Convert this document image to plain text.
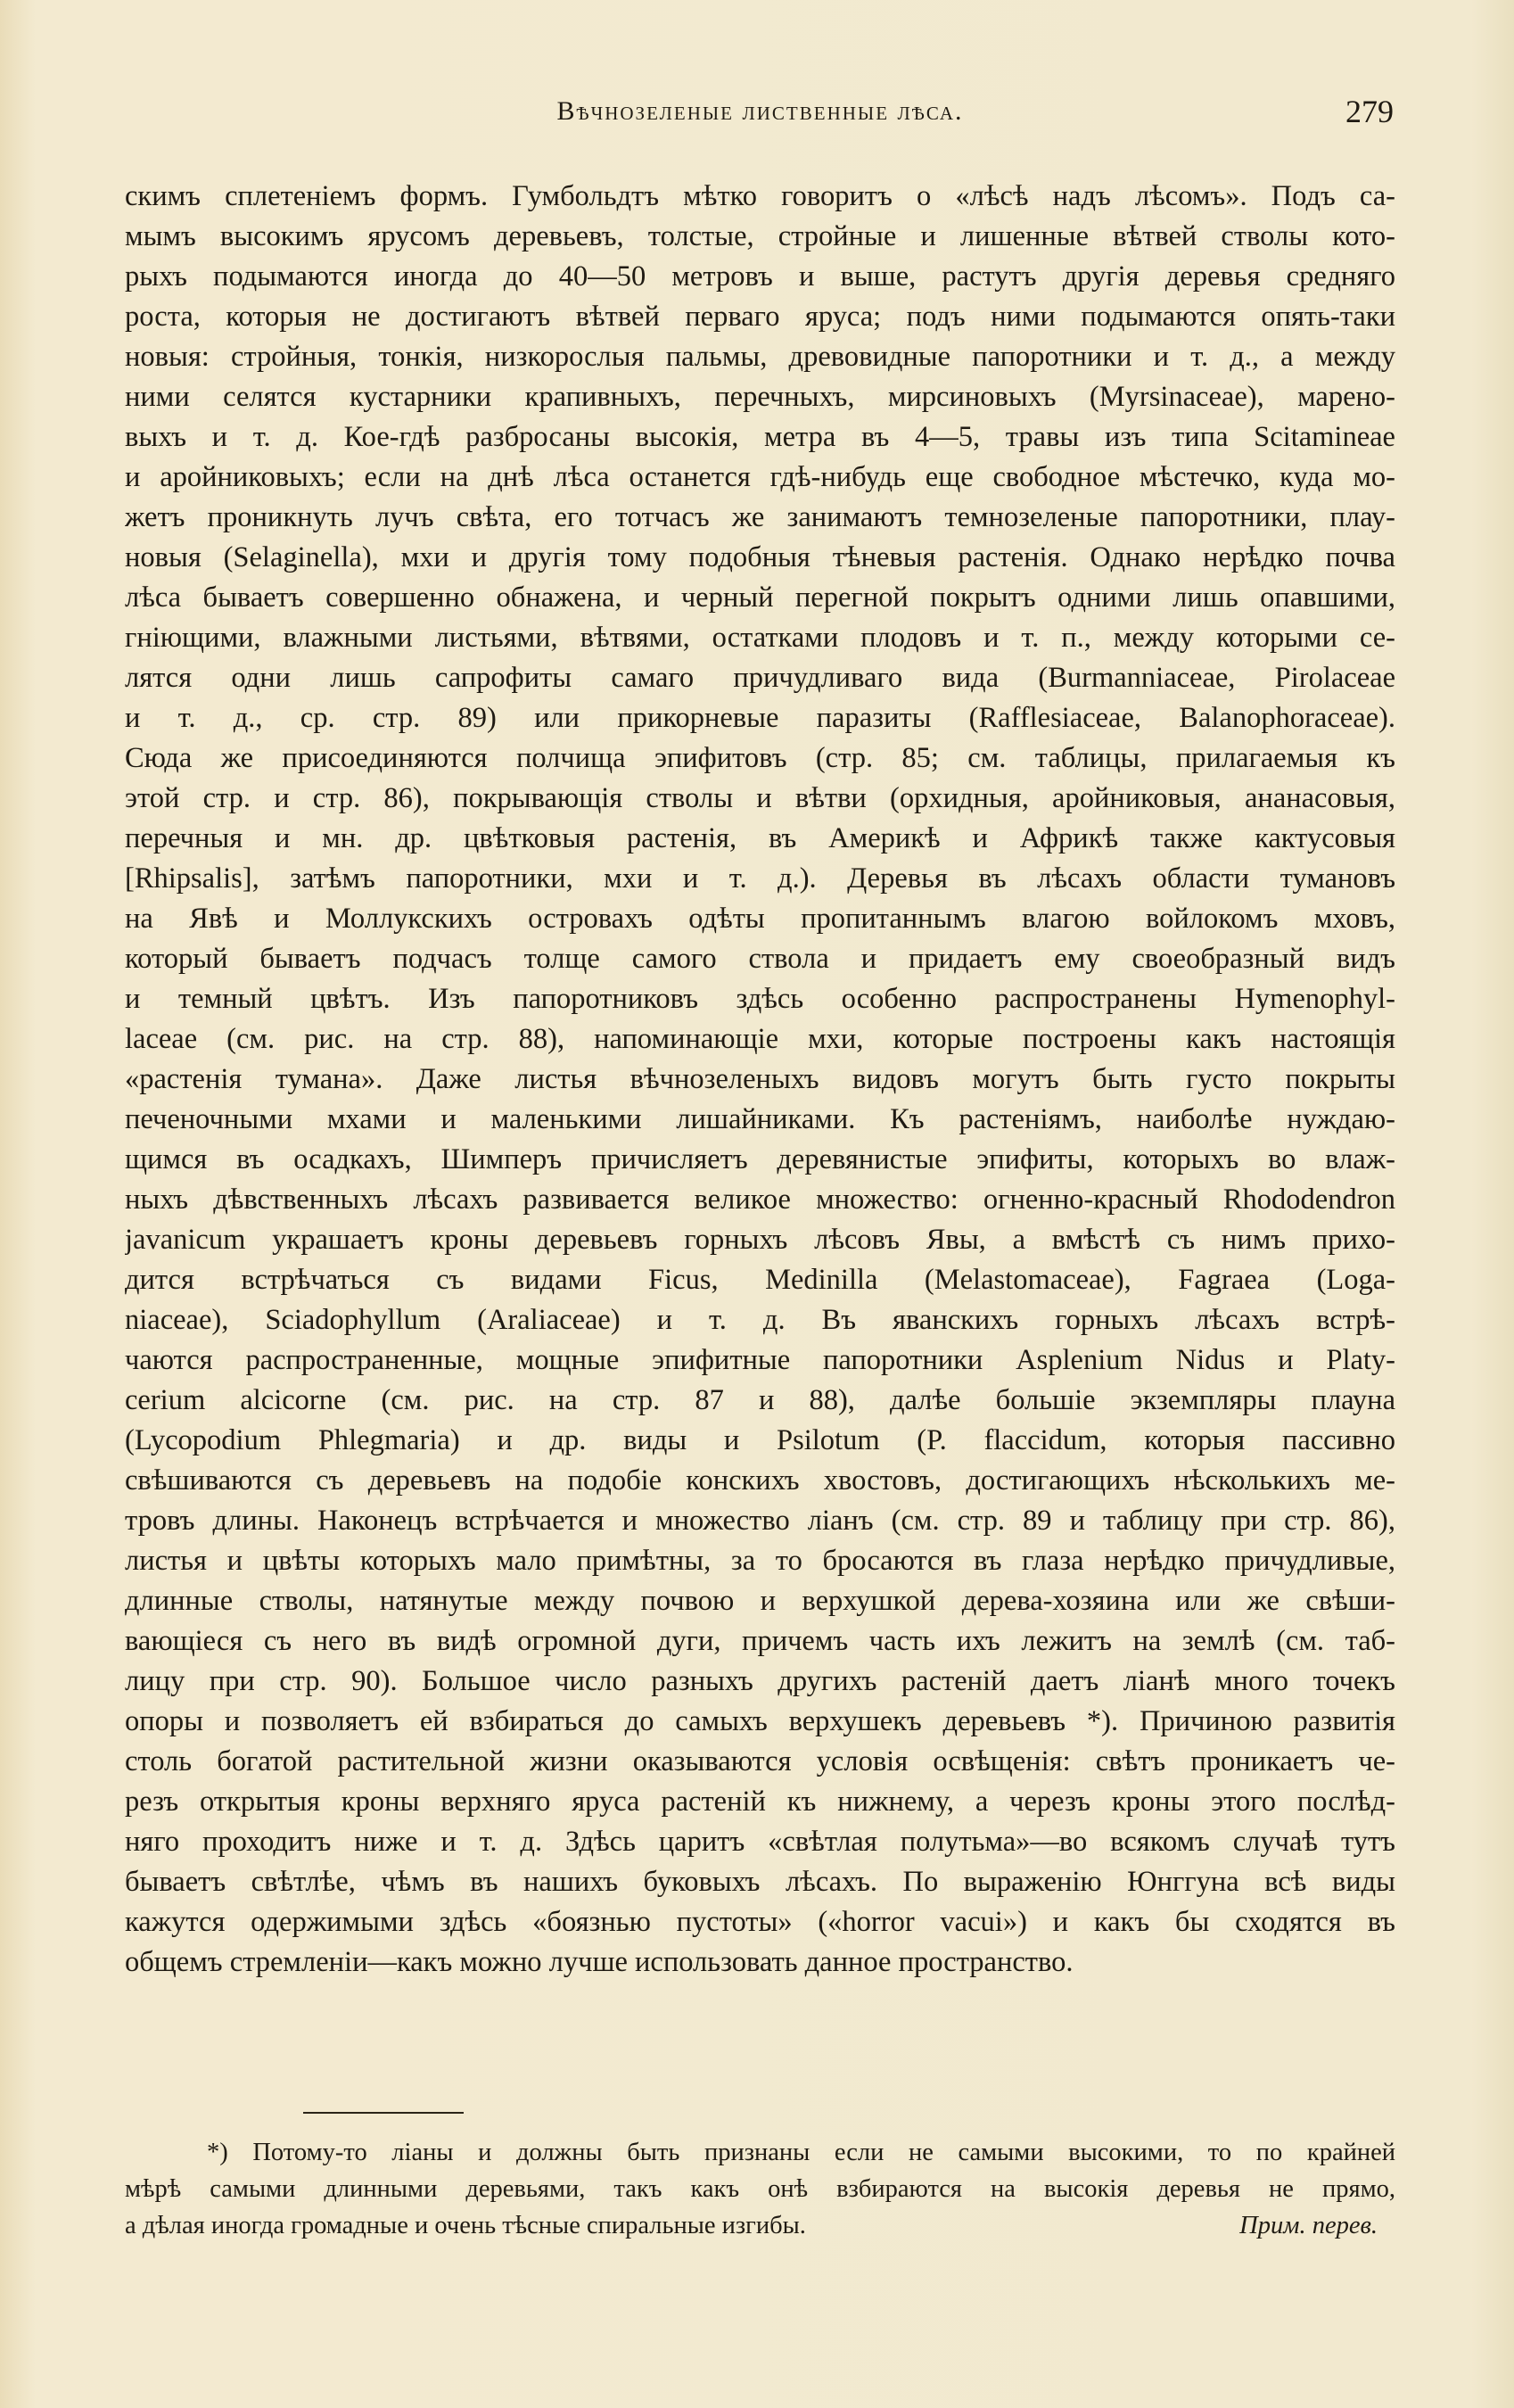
Вѣчнозеленые лиственные лѣса.	279
скимъ сплетеніемъ формъ. Гумбольдтъ мѣтко говоритъ о «лѣсѣ надъ лѣсомъ». Подъ са-
мымъ высокимъ ярусомъ деревьевъ, толстые, стройные и лишенные вѣтвей стволы кото-
рыхъ подымаются иногда до 40—50 метровъ и выше, растутъ другія деревья средняго
роста, которыя не достигаютъ вѣтвей перваго яруса; подъ ними подымаются опять-таки
новыя: стройныя, тонкія, низкорослыя пальмы, древовидные папоротники и т. д., а между
ними селятся кустарники крапивныхъ, перечныхъ, мирсиновыхъ (Myrsinaceae), марено-
выхъ и т. д. Кое-гдѣ разбросаны высокія, метра въ 4—5, травы изъ типа Scitamineae
и аройниковыхъ; если на днѣ лѣса останется гдѣ-нибудь еще свободное мѣстечко, куда мо-
жетъ проникнуть лучъ свѣта, его тотчасъ же занимаютъ темнозеленые папоротники, плау-
новыя (Selaginella), мхи и другія тому подобныя тѣневыя растенія. Однако нерѣдко почва
лѣса бываетъ совершенно обнажена, и черный перегной покрытъ одними лишь опавшими,
гніющими, влажными листьями, вѣтвями, остатками плодовъ и т. п., между которыми се-
лятся одни лишь сапрофиты самаго причудливаго вида (Burmanniaceae, Pirolaceae
и т. д., ср. стр. 89) или прикорневые паразиты (Rafflesiaceae, Balanophoraceae).
Сюда же присоединяются полчища эпифитовъ (стр. 85; см. таблицы, прилагаемыя къ
этой стр. и стр. 86), покрывающія стволы и вѣтви (орхидныя, аройниковыя, ананасовыя,
перечныя и мн. др. цвѣтковыя растенія, въ Америкѣ и Африкѣ также кактусовыя
[Rhipsalis], затѣмъ папоротники, мхи и т. д.). Деревья въ лѣсахъ области тумановъ
на Явѣ и Моллукскихъ островахъ одѣты пропитаннымъ влагою войлокомъ мховъ,
который бываетъ подчасъ толще самого ствола и придаетъ ему своеобразный видъ
и темный цвѣтъ. Изъ папоротниковъ здѣсь особенно распространены Hymenophyl-
laceae (см. рис. на стр. 88), напоминающіе мхи, которые построены какъ настоящія
«растенія тумана». Даже листья вѣчнозеленыхъ видовъ могутъ быть густо покрыты
печеночными мхами и маленькими лишайниками. Къ растеніямъ, наиболѣе нуждаю-
щимся въ осадкахъ, Шимперъ причисляетъ деревянистые эпифиты, которыхъ во влаж-
ныхъ дѣвственныхъ лѣсахъ развивается великое множество: огненно-красный Rhododendron
javanicum украшаетъ кроны деревьевъ горныхъ лѣсовъ Явы, а вмѣстѣ съ нимъ прихо-
дится встрѣчаться съ видами Ficus, Medinilla (Melastomaceae), Fagraea (Loga-
niaceae), Sciadophyllum (Araliaceae) и т. д. Въ яванскихъ горныхъ лѣсахъ встрѣ-
чаются распространенные, мощные эпифитные папоротники Asplenium Nidus и Platy-
cerium alcicorne (см. рис. на стр. 87 и 88), далѣе большіе экземпляры плауна
(Lycopodium Phlegmaria) и др. виды и Psilotum (P. flaccidum, которыя пассивно
свѣшиваются съ деревьевъ на подобіе конскихъ хвостовъ, достигающихъ нѣсколькихъ ме-
тровъ длины. Наконецъ встрѣчается и множество ліанъ (см. стр. 89 и таблицу при стр. 86),
листья и цвѣты которыхъ мало примѣтны, за то бросаются въ глаза нерѣдко причудливые,
длинные стволы, натянутые между почвою и верхушкой дерева-хозяина или же свѣши-
вающіеся съ него въ видѣ огромной дуги, причемъ часть ихъ лежитъ на землѣ (см. таб-
лицу при стр. 90). Большое число разныхъ другихъ растеній даетъ ліанѣ много точекъ
опоры и позволяетъ ей взбираться до самыхъ верхушекъ деревьевъ *). Причиною развитія
столь богатой растительной жизни оказываются условія освѣщенія: свѣтъ проникаетъ че-
резъ открытыя кроны верхняго яруса растеній къ нижнему, а черезъ кроны этого послѣд-
няго проходитъ ниже и т. д. Здѣсь царитъ «свѣтлая полутьма»—во всякомъ случаѣ тутъ
бываетъ свѣтлѣе, чѣмъ въ нашихъ буковыхъ лѣсахъ. По выраженію Юнггуна всѣ виды
кажутся одержимыми здѣсь «боязнью пустоты» («horror vacui») и какъ бы сходятся въ
общемъ стремленіи—какъ можно лучше использовать данное пространство.
*) Потому-то ліаны и должны быть признаны если не самыми высокими, то по крайней
мѣрѣ самыми длинными деревьями, такъ какъ онѣ взбираются на высокія деревья не прямо,
а дѣлая иногда громадные и очень тѣсные спиральные изгибы.	Прим. перев.
